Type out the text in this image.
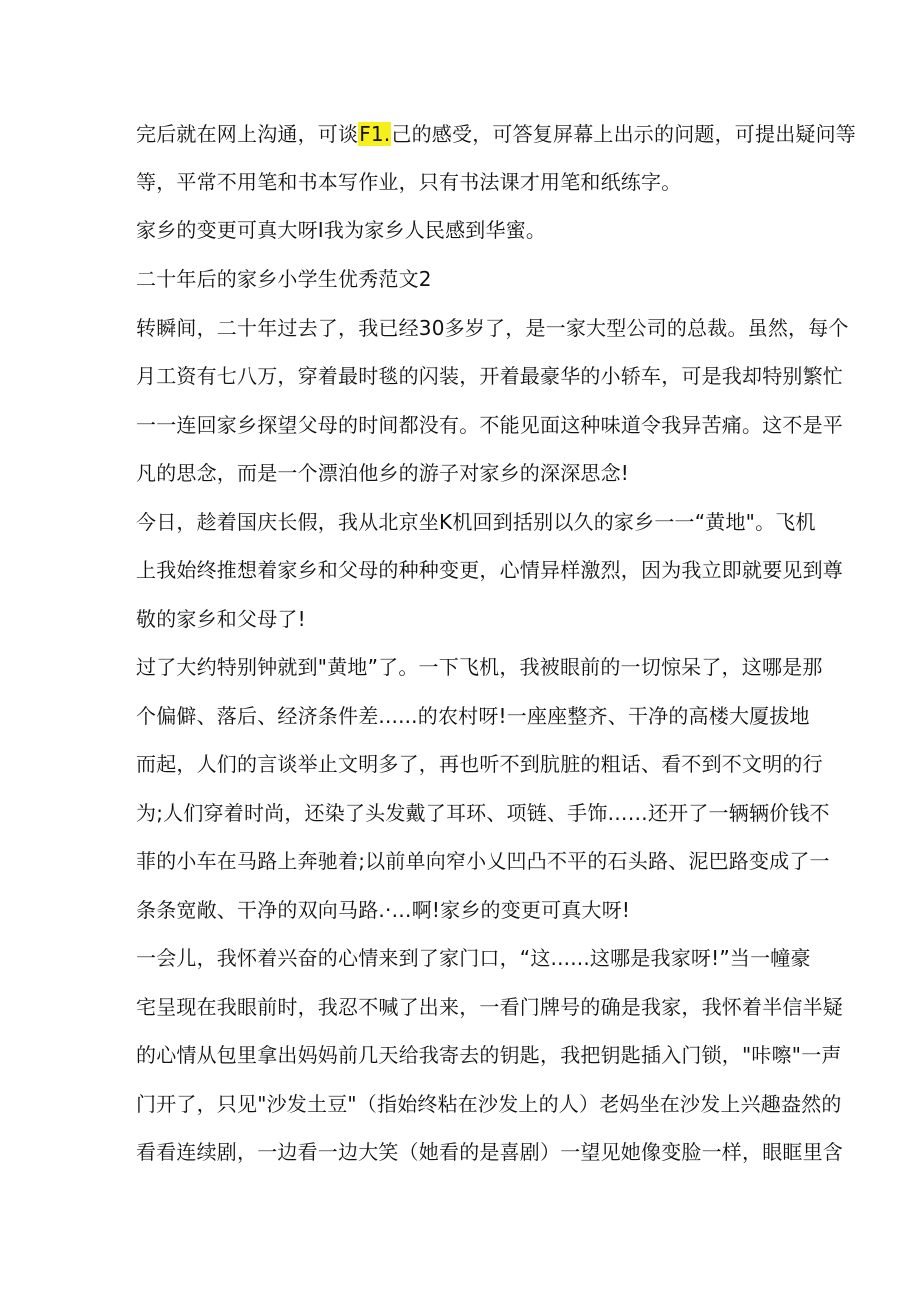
完后就在网上沟通，可谈F1.己的感受，可答复屏幕上出示的问题，可提出疑问等
等，平常不用笔和书本写作业，只有书法课才用笔和纸练字。
家乡的变更可真大呀I我为家乡人民感到华蜜。
二十年后的家乡小学生优秀范文2
转瞬间，二十年过去了，我已经30多岁了，是一家大型公司的总裁。虽然，每个
月工资有七八万，穿着最时毯的闪装，开着最豪华的小轿车，可是我却特别繁忙
一一连回家乡探望父母的时间都没有。不能见面这种味道令我异苦痛。这不是平
凡的思念，而是一个漂泊他乡的游子对家乡的深深思念!
今日，趁着国庆长假，我从北京坐K机回到括别以久的家乡一一“黄地"。飞机
上我始终推想着家乡和父母的种种变更，心情异样激烈，因为我立即就要见到尊
敬的家乡和父母了!
过了大约特别钟就到"黄地”了。一下飞机，我被眼前的一切惊呆了，这哪是那
个偏僻、落后、经济条件差......的农村呀!一座座整齐、干净的高楼大厦拔地
而起，人们的言谈举止文明多了，再也听不到肮脏的粗话、看不到不文明的行
为;人们穿着时尚，还染了头发戴了耳环、项链、手饰……还开了一辆辆价钱不
菲的小车在马路上奔驰着;以前单向窄小乂凹凸不平的石头路、泥巴路变成了一
条条宽敞、干净的双向马路.·…啊!家乡的变更可真大呀!
一会儿，我怀着兴奋的心情来到了家门口，“这......这哪是我家呀!”当一幢豪
宅呈现在我眼前时，我忍不喊了出来，一看门牌号的确是我家，我怀着半信半疑
的心情从包里拿出妈妈前几天给我寄去的钥匙，我把钥匙插入门锁，"咔嚓"一声
门开了，只见"沙发土豆"（指始终粘在沙发上的人）老妈坐在沙发上兴趣盎然的
看看连续剧，一边看一边大笑（她看的是喜剧）一望见她像变脸一样，眼眶里含
